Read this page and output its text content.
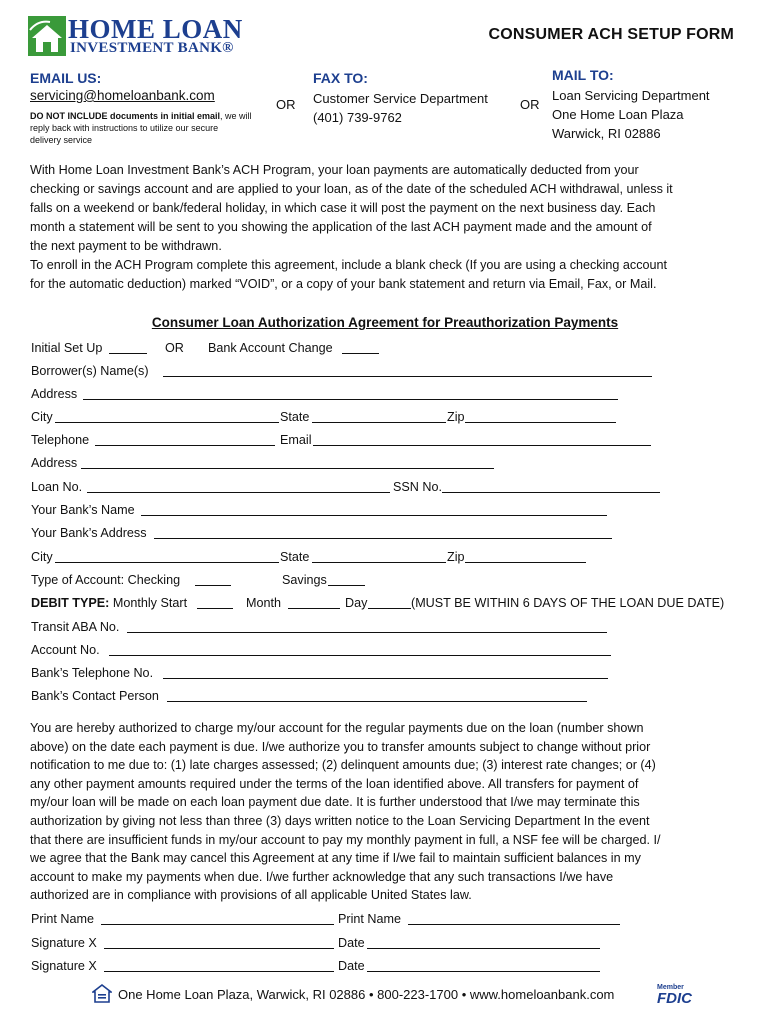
HOME LOAN
INVESTMENT BANK®
CONSUMER ACH SETUP FORM
EMAIL US:
servicing@homeloanbank.com
DO NOT INCLUDE documents in initial email, we will
reply back with instructions to utilize our secure
delivery service
OR
FAX TO:
Customer Service Department
(401) 739-9762
OR
MAIL TO:
Loan Servicing Department
One Home Loan Plaza
Warwick, RI 02886
With Home Loan Investment Bank’s ACH Program, your loan payments are automatically deducted from your
checking or savings account and are applied to your loan, as of the date of the scheduled ACH withdrawal, unless it
falls on a weekend or bank/federal holiday, in which case it will post the payment on the next business day. Each
month a statement will be sent to you showing the application of the last ACH payment made and the amount of
the next payment to be withdrawn.
To enroll in the ACH Program complete this agreement, include a blank check (If you are using a checking account
for the automatic deduction) marked “VOID”, or a copy of your bank statement and return via Email, Fax, or Mail.
Consumer Loan Authorization Agreement for Preauthorization Payments
Initial Set Up	OR Bank Account Change
Borrower(s) Name(s)
Address
City	State	Zip
Telephone	Email
Address
Loan No.	SSN No.
Your Bank’s Name
Your Bank’s Address
City	State	Zip
Type of Account: Checking	Savings
DEBIT TYPE: Monthly Start	Month	Day	(MUST BE WITHIN 6 DAYS OF THE LOAN DUE DATE)
Transit ABA No.
Account No.
Bank’s Telephone No.
Bank’s Contact Person
You are hereby authorized to charge my/our account for the regular payments due on the loan (number shown
above) on the date each payment is due. I/we authorize you to transfer amounts subject to change without prior
notification to me due to: (1) late charges assessed; (2) delinquent amounts due; (3) interest rate changes; or (4)
any other payment amounts required under the terms of the loan identified above. All transfers for payment of
my/our loan will be made on each loan payment due date. It is further understood that I/we may terminate this
authorization by giving not less than three (3) days written notice to the Loan Servicing Department In the event
that there are insufficient funds in my/our account to pay my monthly payment in full, a NSF fee will be charged. I/
we agree that the Bank may cancel this Agreement at any time if I/we fail to maintain sufficient balances in my
account to make my payments when due. I/we further acknowledge that any such transactions I/we have
authorized are in compliance with provisions of all applicable United States law.
Print Name	Print Name
Signature X	Date
Signature X	Date
One Home Loan Plaza, Warwick, RI 02886 • 800-223-1700 • www.homeloanbank.com	Member
FDIC
